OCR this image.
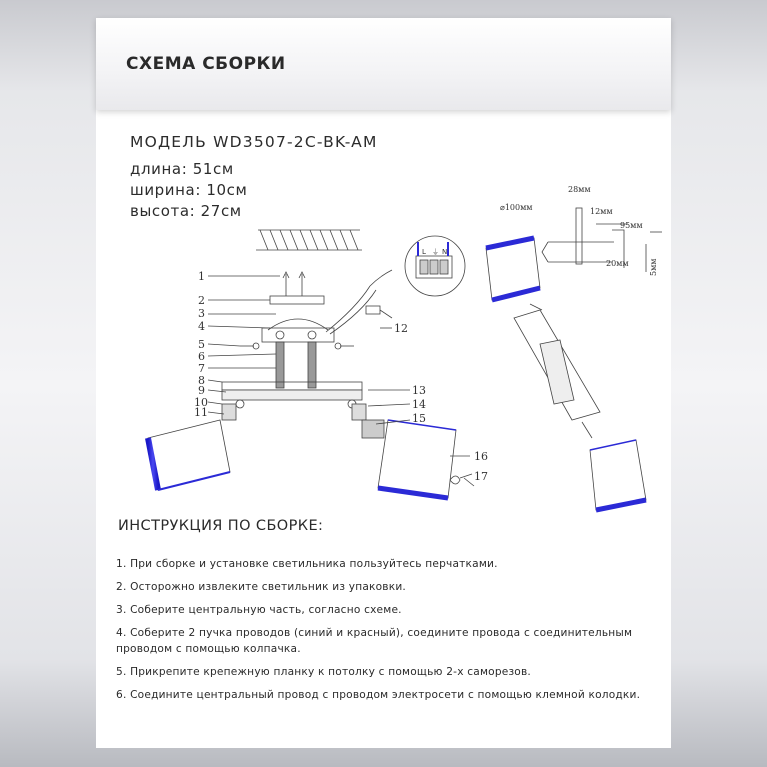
СХЕМА СБОРКИ
МОДЕЛЬ WD3507-2C-BK-AM
длина: 51см
ширина: 10см
высота: 27см
1
2
3
4
5
6
7
8
9
10
11
12
13
14
15
16
17
L ⏚ N
⌀100мм
28мм
12мм
95мм
20мм	5мм
ИНСТРУКЦИЯ ПО СБОРКЕ:
1. При сборке и установке светильника пользуйтесь перчатками.
2. Осторожно извлеките светильник из упаковки.
3. Соберите центральную часть, согласно схеме.
4. Соберите 2 пучка проводов (синий и красный), соедините провода с соединительным
проводом с помощью колпачка.
5. Прикрепите крепежную планку к потолку с помощью 2-х саморезов.
6. Соедините центральный провод с проводом электросети с помощью клемной колодки.
СЕМЬОГНЕЙ
